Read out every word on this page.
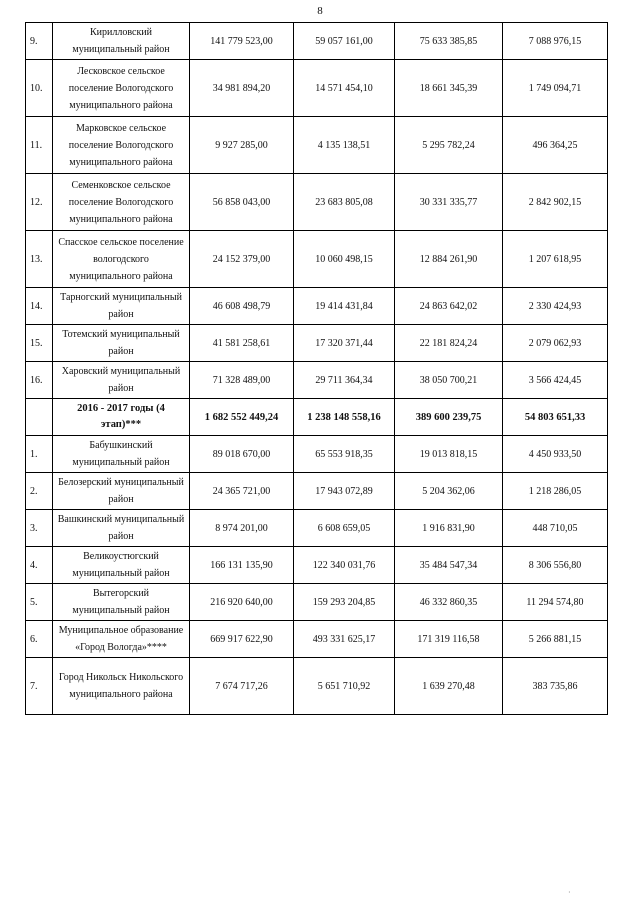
8
9.	Кирилловский муниципальный район	141 779 523,00	59 057 161,00	75 633 385,85	7 088 976,15
10.	Лесковское сельское поселение Вологодского муниципального района	34 981 894,20	14 571 454,10	18 661 345,39	1 749 094,71
11.	Марковское сельское поселение Вологодского муниципального района	9 927 285,00	4 135 138,51	5 295 782,24	496 364,25
12.	Семенковское сельское поселение Вологодского муниципального района	56 858 043,00	23 683 805,08	30 331 335,77	2 842 902,15
13.	Спасское сельское поселение вологодского муниципального района	24 152 379,00	10 060 498,15	12 884 261,90	1 207 618,95
14.	Тарногский муниципальный район	46 608 498,79	19 414 431,84	24 863 642,02	2 330 424,93
15.	Тотемский муниципальный район	41 581 258,61	17 320 371,44	22 181 824,24	2 079 062,93
16.	Харовский муниципальный район	71 328 489,00	29 711 364,34	38 050 700,21	3 566 424,45
	2016 - 2017 годы (4 этап)***	1 682 552 449,24	1 238 148 558,16	389 600 239,75	54 803 651,33
1.	Бабушкинский муниципальный район	89 018 670,00	65 553 918,35	19 013 818,15	4 450 933,50
2.	Белозерский муниципальный район	24 365 721,00	17 943 072,89	5 204 362,06	1 218 286,05
3.	Вашкинский муниципальный район	8 974 201,00	6 608 659,05	1 916 831,90	448 710,05
4.	Великоустюгский муниципальный район	166 131 135,90	122 340 031,76	35 484 547,34	8 306 556,80
5.	Вытегорский муниципальный район	216 920 640,00	159 293 204,85	46 332 860,35	11 294 574,80
6.	Муниципальное образование «Город Вологда»****	669 917 622,90	493 331 625,17	171 319 116,58	5 266 881,15
7.	Город Никольск Никольского муниципального района	7 674 717,26	5 651 710,92	1 639 270,48	383 735,86
·
